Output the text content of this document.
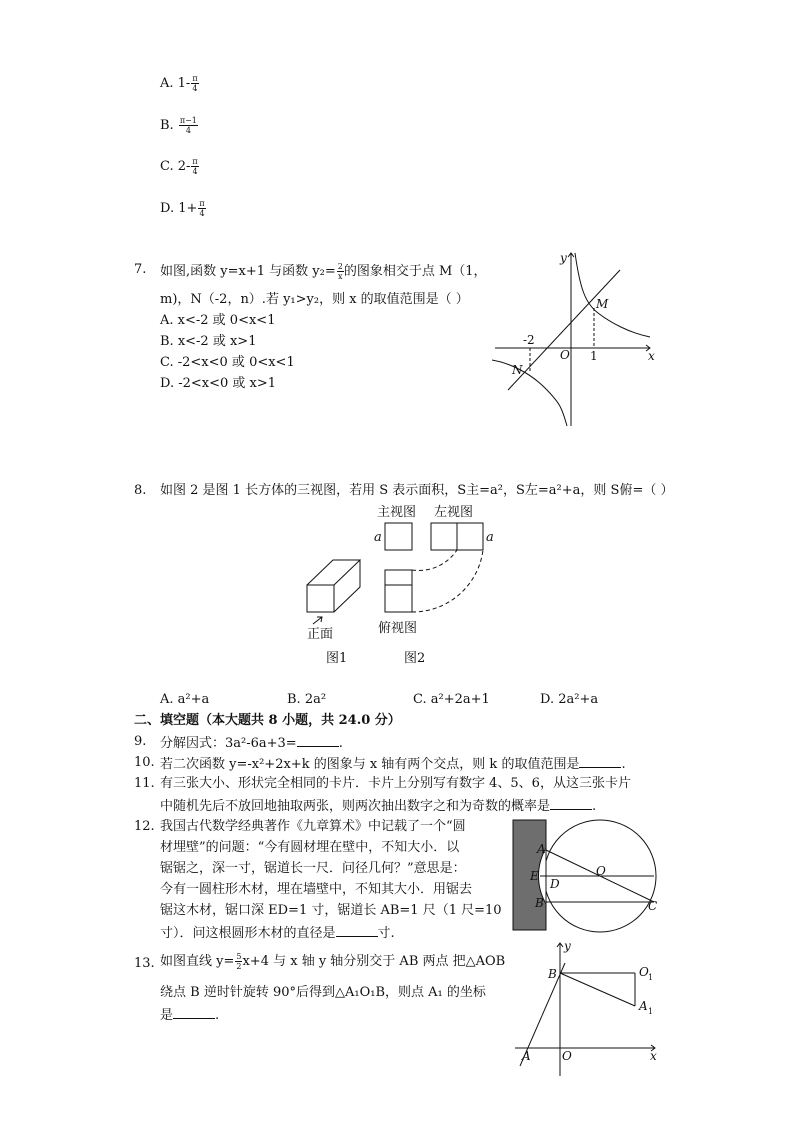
A. $1- \frac{\pi}{4}$
B. $\frac{\pi-1}{4}$
C. $2- \frac{\pi}{4}$
D. $1+ \frac{\pi}{4}$
7. 如图,函数 y=x+1 与函数 $y_2= \frac{2}{x}$ 的图象相交于点 M（1，
m)，N（-2，n）.若 y₁>y₂，则 x 的取值范围是（ ）
A. x<-2 或 0<x<1
B. x<-2 或 x>1
C. -2<x<0 或 0<x<1
D. -2<x<0 或 x>1
y
x
M
N
O
-2
1
8. 如图 2 是图 1 长方体的三视图，若用 S 表示面积，S主=a²，S左=a²+a，则 S俯=（ ）
主视图 左视图
俯视图
正面
图1	图2
a	a
A. a²+a	B. 2a²	C. a²+2a+1	D. 2a²+a
二、填空题（本大题共 8 小题，共 24.0 分）
9. 分解因式：3a²-6a+3=	.
10. 若二次函数 y=-x²+2x+k 的图象与 x 轴有两个交点，则 k 的取值范围是	.
11. 有三张大小、形状完全相同的卡片．卡片上分别写有数字 4、5、6，从这三张卡片
中随机先后不放回地抽取两张，则两次抽出数字之和为奇数的概率是	.
12. 我国古代数学经典著作《九章算术》中记载了一个“圆
材埋壁”的问题：“今有圆材埋在壁中，不知大小．以
锯锯之，深一寸，锯道长一尺．问径几何？”意思是：
今有一圆柱形木材，埋在墙壁中，不知其大小．用锯去
锯这木材，锯口深 ED=1 寸，锯道长 AB=1 尺（1 尺=10
寸）．问这根圆形木材的直径是	寸.
A
B	C
D
E	O
13. 如图直线 $y= \frac{5}{2} x+4$ 与 x 轴 y 轴分别交于 AB 两点 把△AOB
绕点 B 逆时针旋转 90°后得到△A₁O₁B，则点 A₁ 的坐标
是	.
y
x
B
A	O
O
A
1
1
